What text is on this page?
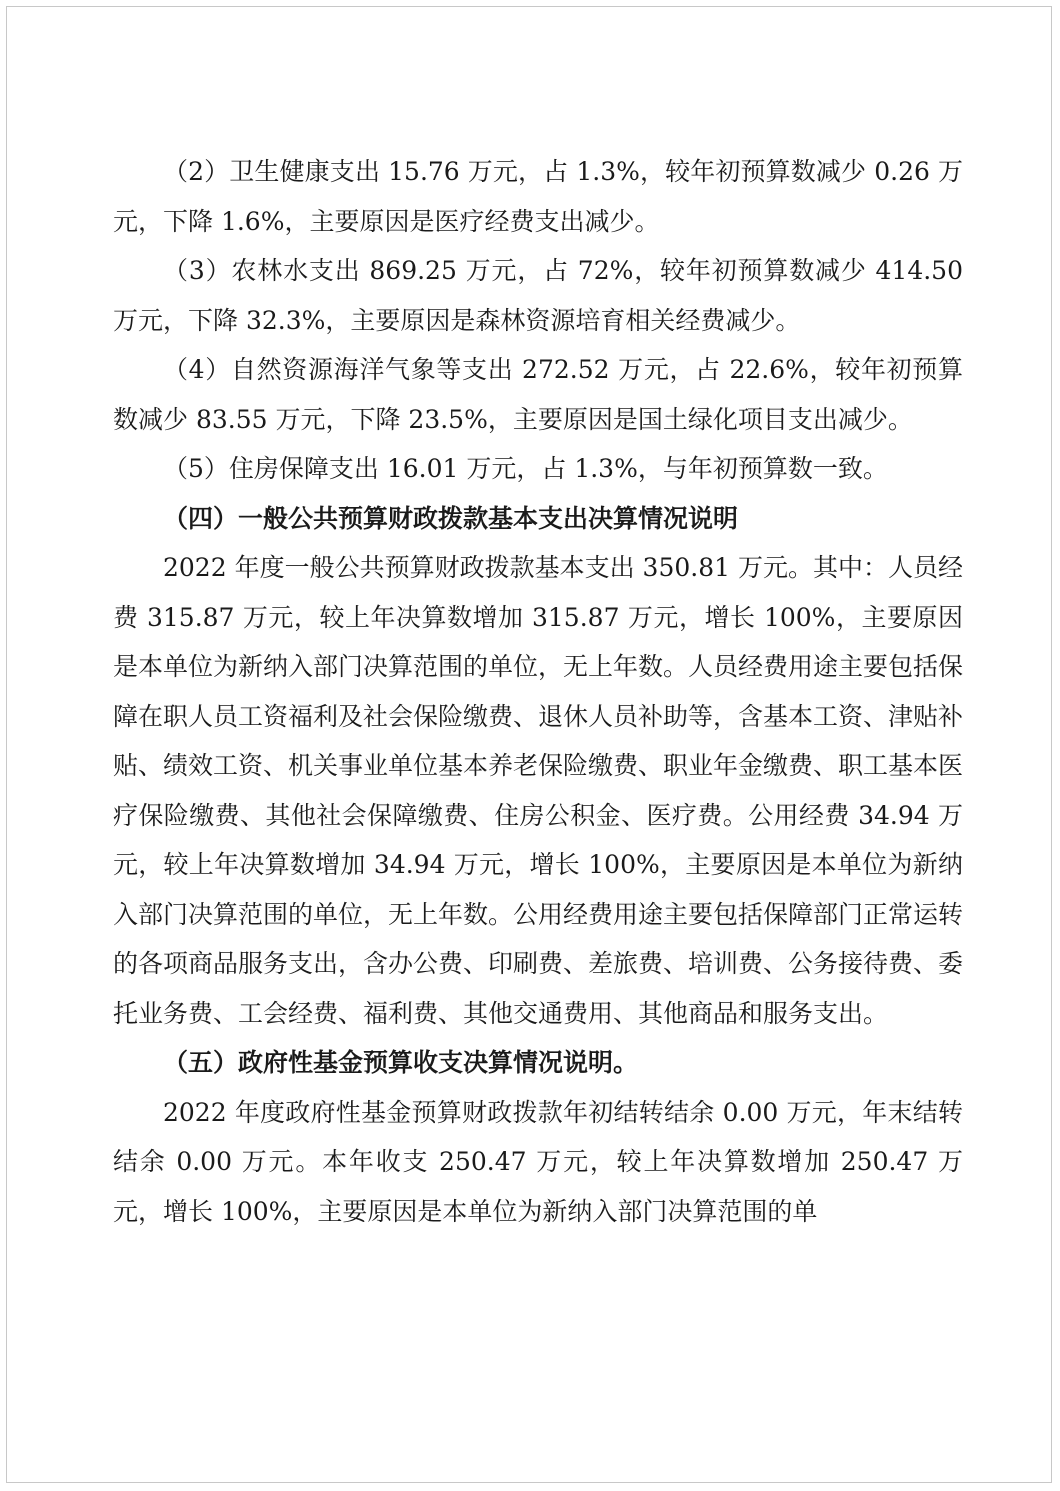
（2）卫生健康支出 15.76 万元，占 1.3%，较年初预算数减少 0.26 万元，下降 1.6%，主要原因是医疗经费支出减少。

（3）农林水支出 869.25 万元，占 72%，较年初预算数减少 414.50 万元，下降 32.3%，主要原因是森林资源培育相关经费减少。

（4）自然资源海洋气象等支出 272.52 万元，占 22.6%，较年初预算数减少 83.55 万元，下降 23.5%，主要原因是国土绿化项目支出减少。

（5）住房保障支出 16.01 万元，占 1.3%，与年初预算数一致。

（四）一般公共预算财政拨款基本支出决算情况说明

2022 年度一般公共预算财政拨款基本支出 350.81 万元。其中：人员经费 315.87 万元，较上年决算数增加 315.87 万元，增长 100%，主要原因是本单位为新纳入部门决算范围的单位，无上年数。人员经费用途主要包括保障在职人员工资福利及社会保险缴费、退休人员补助等，含基本工资、津贴补贴、绩效工资、机关事业单位基本养老保险缴费、职业年金缴费、职工基本医疗保险缴费、其他社会保障缴费、住房公积金、医疗费。公用经费 34.94 万元，较上年决算数增加 34.94 万元，增长 100%，主要原因是本单位为新纳入部门决算范围的单位，无上年数。公用经费用途主要包括保障部门正常运转的各项商品服务支出，含办公费、印刷费、差旅费、培训费、公务接待费、委托业务费、工会经费、福利费、其他交通费用、其他商品和服务支出。

（五）政府性基金预算收支决算情况说明。

2022 年度政府性基金预算财政拨款年初结转结余 0.00 万元，年末结转结余 0.00 万元。本年收支 250.47 万元，较上年决算数增加 250.47 万元，增长 100%，主要原因是本单位为新纳入部门决算范围的单
